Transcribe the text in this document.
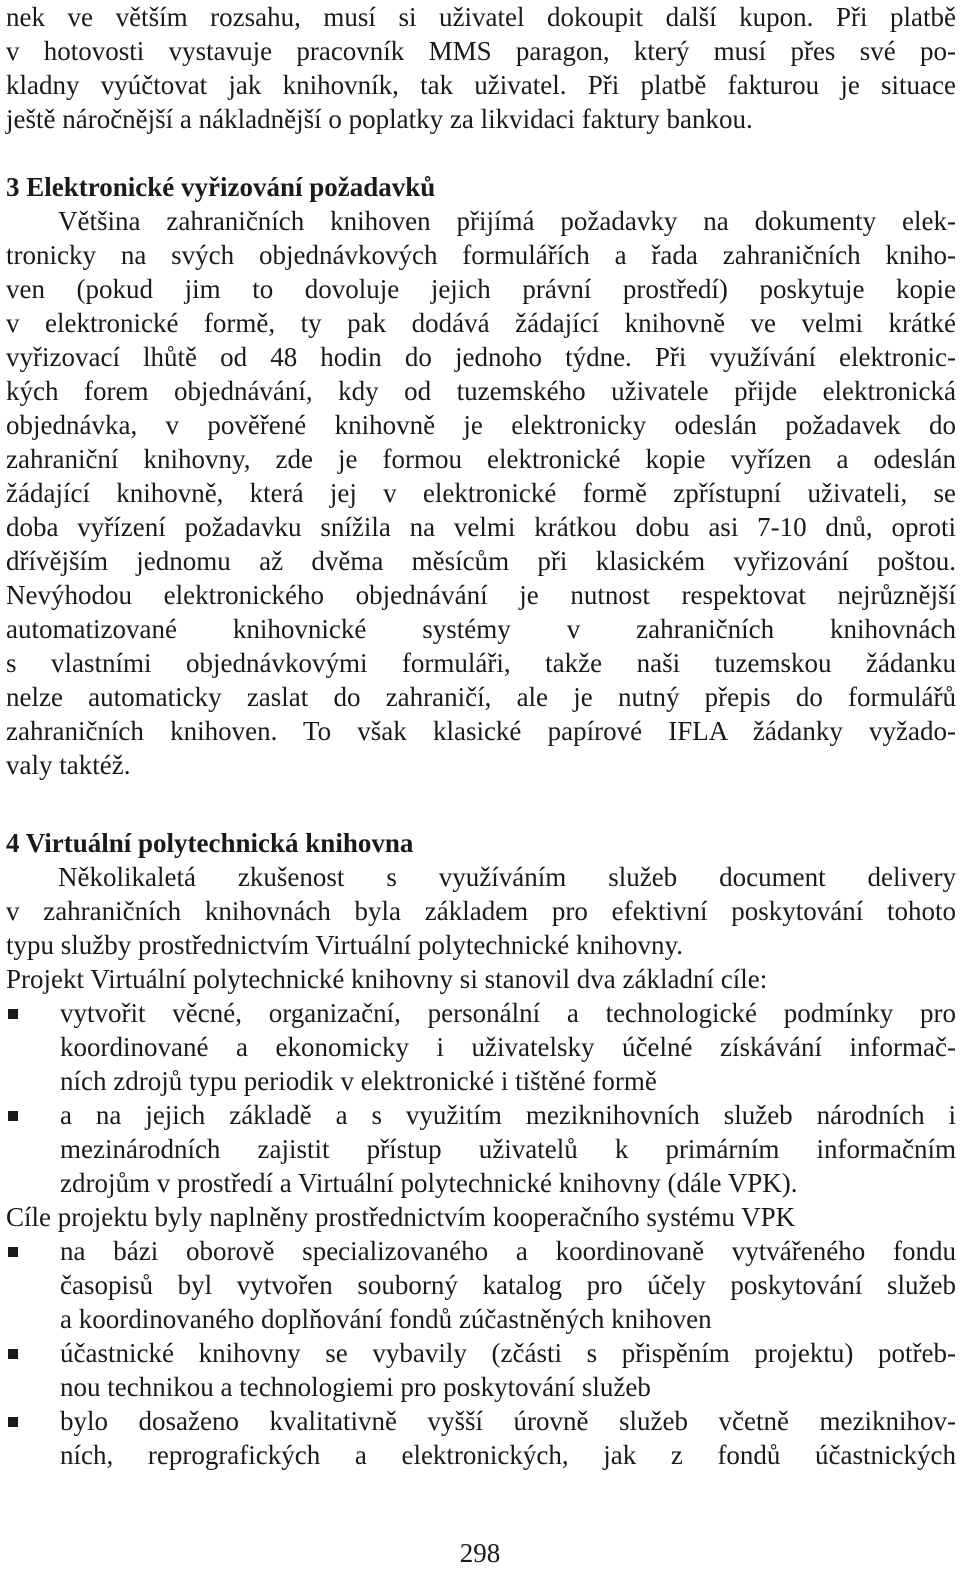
nek ve větším rozsahu, musí si uživatel dokoupit další kupon. Při platbě
v hotovosti vystavuje pracovník MMS paragon, který musí přes své po-
kladny vyúčtovat jak knihovník, tak uživatel. Při platbě fakturou je situace
ještě náročnější a nákladnější o poplatky za likvidaci faktury bankou.
3 Elektronické vyřizování požadavků
Většina zahraničních knihoven přijímá požadavky na dokumenty elek-
tronicky na svých objednávkových formulářích a řada zahraničních kniho-
ven (pokud jim to dovoluje jejich právní prostředí) poskytuje kopie
v elektronické formě, ty pak dodává žádající knihovně ve velmi krátké
vyřizovací lhůtě od 48 hodin do jednoho týdne. Při využívání elektronic-
kých forem objednávání, kdy od tuzemského uživatele přijde elektronická
objednávka, v pověřené knihovně je elektronicky odeslán požadavek do
zahraniční knihovny, zde je formou elektronické kopie vyřízen a odeslán
žádající knihovně, která jej v elektronické formě zpřístupní uživateli, se
doba vyřízení požadavku snížila na velmi krátkou dobu asi 7-10 dnů, oproti
dřívějším jednomu až dvěma měsícům při klasickém vyřizování poštou.
Nevýhodou elektronického objednávání je nutnost respektovat nejrůznější
automatizované knihovnické systémy v zahraničních knihovnách
s vlastními objednávkovými formuláři, takže naši tuzemskou žádanku
nelze automaticky zaslat do zahraničí, ale je nutný přepis do formulářů
zahraničních knihoven. To však klasické papírové IFLA žádanky vyžado-
valy taktéž.
4 Virtuální polytechnická knihovna
Několikaletá zkušenost s využíváním služeb document delivery
v zahraničních knihovnách byla základem pro efektivní poskytování tohoto
typu služby prostřednictvím Virtuální polytechnické knihovny.
Projekt Virtuální polytechnické knihovny si stanovil dva základní cíle:
vytvořit věcné, organizační, personální a technologické podmínky pro
koordinované a ekonomicky i uživatelsky účelné získávání informač-
ních zdrojů typu periodik v elektronické i tištěné formě
a na jejich základě a s využitím meziknihovních služeb národních i
mezinárodních zajistit přístup uživatelů k primárním informačním
zdrojům v prostředí a Virtuální polytechnické knihovny (dále VPK).
Cíle projektu byly naplněny prostřednictvím kooperačního systému VPK
na bázi oborově specializovaného a koordinovaně vytvářeného fondu
časopisů byl vytvořen souborný katalog pro účely poskytování služeb
a koordinovaného doplňování fondů zúčastněných knihoven
účastnické knihovny se vybavily (zčásti s přispěním projektu) potřeb-
nou technikou a technologiemi pro poskytování služeb
bylo dosaženo kvalitativně vyšší úrovně služeb včetně meziknihov-
ních, reprografických a elektronických, jak z fondů účastnických
298
